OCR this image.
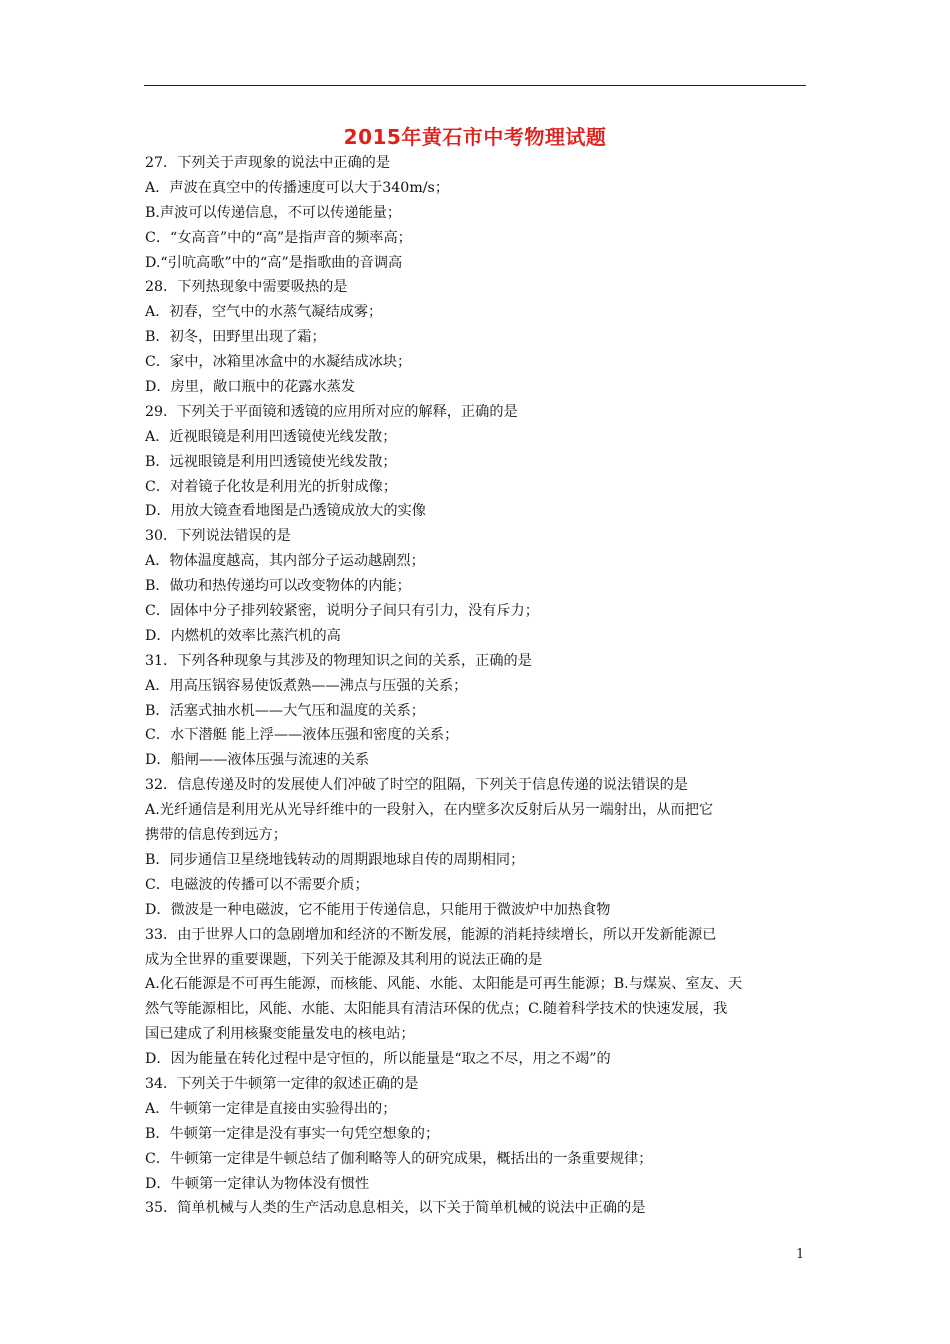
2015年黄石市中考物理试题
27．下列关于声现象的说法中正确的是
A．声波在真空中的传播速度可以大于340m/s；
B.声波可以传递信息，不可以传递能量；
C．“女高音”中的“高”是指声音的频率高；
D.“引吭高歌”中的“高”是指歌曲的音调高
28．下列热现象中需要吸热的是
A．初春，空气中的水蒸气凝结成雾；
B．初冬，田野里出现了霜；
C．家中，冰箱里冰盒中的水凝结成冰块；
D．房里，敞口瓶中的花露水蒸发
29．下列关于平面镜和透镜的应用所对应的解释，正确的是
A．近视眼镜是利用凹透镜使光线发散；
B．远视眼镜是利用凹透镜使光线发散；
C．对着镜子化妆是利用光的折射成像；
D．用放大镜查看地图是凸透镜成放大的实像
30．下列说法错误的是
A．物体温度越高，其内部分子运动越剧烈；
B．做功和热传递均可以改变物体的内能；
C．固体中分子排列较紧密，说明分子间只有引力，没有斥力；
D．内燃机的效率比蒸汽机的高
31．下列各种现象与其涉及的物理知识之间的关系，正确的是
A．用高压锅容易使饭煮熟——沸点与压强的关系；
B．活塞式抽水机——大气压和温度的关系；
C．水下潜艇 能上浮——液体压强和密度的关系；
D．船闸——液体压强与流速的关系
32．信息传递及时的发展使人们冲破了时空的阻隔，下列关于信息传递的说法错误的是
A.光纤通信是利用光从光导纤维中的一段射入，在内壁多次反射后从另一端射出，从而把它
携带的信息传到远方；
B．同步通信卫星绕地钱转动的周期跟地球自传的周期相同；
C．电磁波的传播可以不需要介质；
D．微波是一种电磁波，它不能用于传递信息，只能用于微波炉中加热食物
33．由于世界人口的急剧增加和经济的不断发展，能源的消耗持续增长，所以开发新能源已
成为全世界的重要课题，下列关于能源及其利用的说法正确的是
A.化石能源是不可再生能源，而核能、风能、水能、太阳能是可再生能源；B.与煤炭、室友、天
然气等能源相比，风能、水能、太阳能具有清洁环保的优点；C.随着科学技术的快速发展，我
国已建成了利用核聚变能量发电的核电站；
D．因为能量在转化过程中是守恒的，所以能量是“取之不尽，用之不竭”的
34．下列关于牛顿第一定律的叙述正确的是
A．牛顿第一定律是直接由实验得出的；
B．牛顿第一定律是没有事实一句凭空想象的；
C．牛顿第一定律是牛顿总结了伽利略等人的研究成果，概括出的一条重要规律；
D．牛顿第一定律认为物体没有惯性
35．简单机械与人类的生产活动息息相关，以下关于简单机械的说法中正确的是
1
